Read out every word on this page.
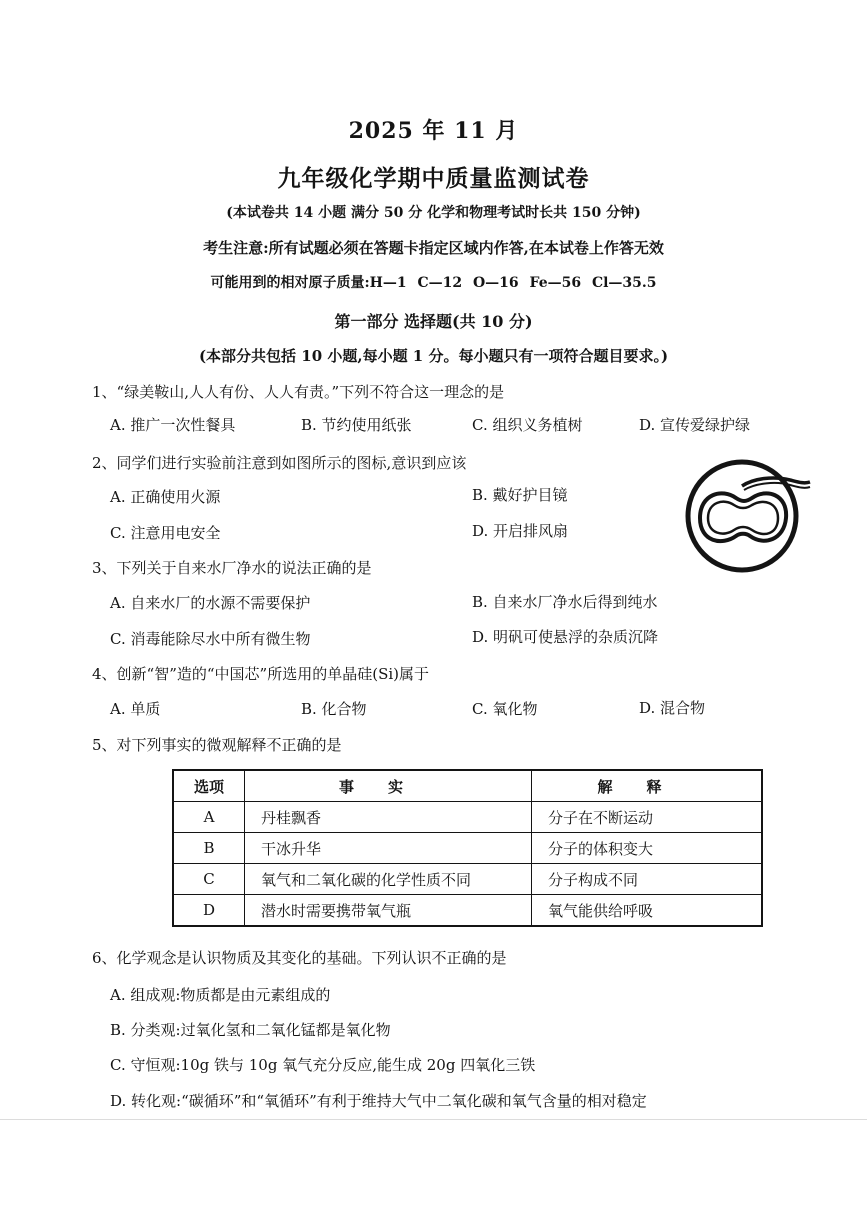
2025 年 11 月
九年级化学期中质量监测试卷
(本试卷共 14 小题 满分 50 分 化学和物理考试时长共 150 分钟)
考生注意:所有试题必须在答题卡指定区域内作答,在本试卷上作答无效
可能用到的相对原子质量:H—1 C—12 O—16 Fe—56 Cl—35.5
第一部分 选择题(共 10 分)
(本部分共包括 10 小题,每小题 1 分。每小题只有一项符合题目要求。)
1、“绿美鞍山,人人有份、人人有责。”下列不符合这一理念的是
A. 推广一次性餐具	B. 节约使用纸张	C. 组织义务植树	D. 宣传爱绿护绿
2、同学们进行实验前注意到如图所示的图标,意识到应该
A. 正确使用火源	B. 戴好护目镜
C. 注意用电安全	D. 开启排风扇
3、下列关于自来水厂净水的说法正确的是
A. 自来水厂的水源不需要保护	B. 自来水厂净水后得到纯水
C. 消毒能除尽水中所有微生物	D. 明矾可使悬浮的杂质沉降
4、创新“智”造的“中国芯”所选用的单晶硅(Si)属于
A. 单质	B. 化合物	C. 氧化物	D. 混合物
5、对下列事实的微观解释不正确的是
选项	事实	解释
A	丹桂飘香	分子在不断运动
B	干冰升华	分子的体积变大
C	氧气和二氧化碳的化学性质不同	分子构成不同
D	潜水时需要携带氧气瓶	氧气能供给呼吸
6、化学观念是认识物质及其变化的基础。下列认识不正确的是
A. 组成观:物质都是由元素组成的
B. 分类观:过氧化氢和二氧化锰都是氧化物
C. 守恒观:10g 铁与 10g 氧气充分反应,能生成 20g 四氧化三铁
D. 转化观:“碳循环”和“氧循环”有利于维持大气中二氧化碳和氧气含量的相对稳定
